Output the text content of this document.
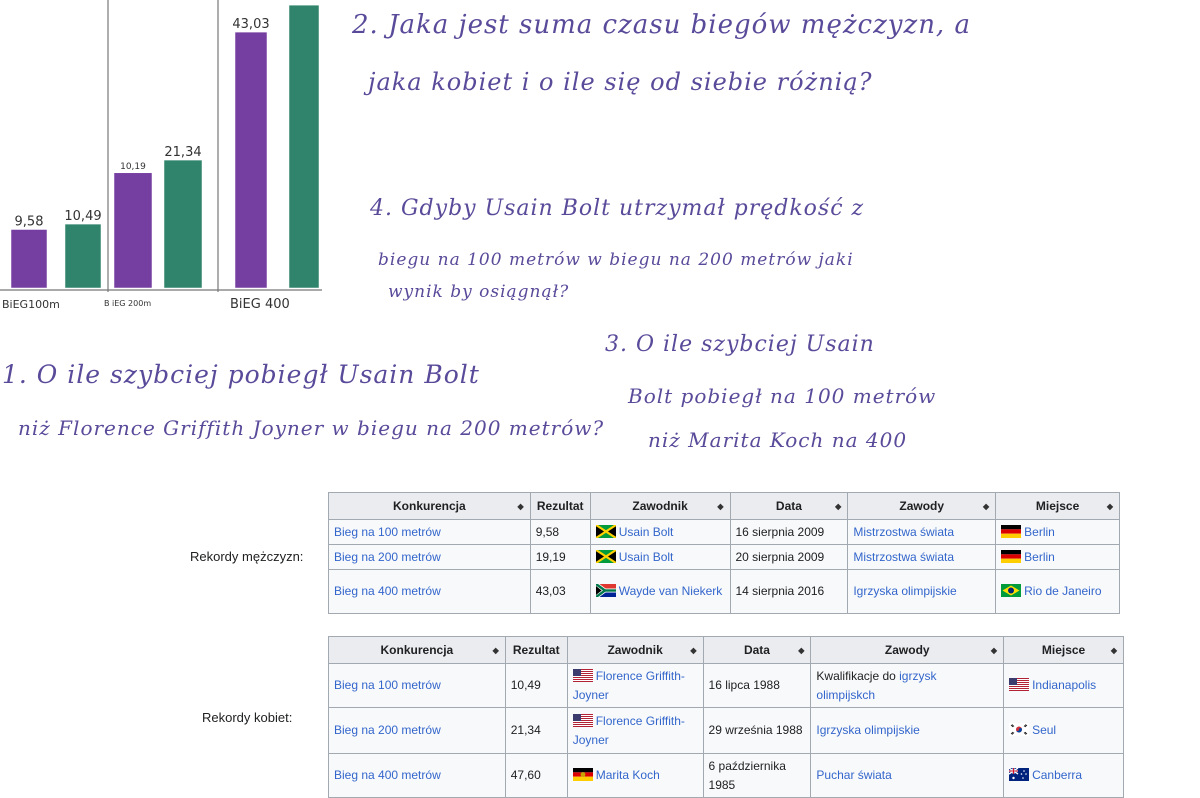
9,58 10,49
10,19
21,34
43,03
BiEG100m	B iEG 200m	BiEG 400
2. Jaka jest suma czasu biegów mężczyzn, a
jaka kobiet i o ile się od siebie różnią?
4. Gdyby Usain Bolt utrzymał prędkość z
biegu na 100 metrów w biegu na 200 metrów jaki
wynik by osiągnął?
3. O ile szybciej Usain
Bolt pobiegł na 100 metrów
niż Marita Koch na 400
1. O ile szybciej pobiegł Usain Bolt
niż Florence Griffith Joyner w biegu na 200 metrów?
Rekordy mężczyzn:
Konkurencja ◆	Rezultat	Zawodnik ◆	Data ◆	Zawody ◆	Miejsce ◆

Bieg na 100 metrów	9,58	Usain Bolt	16 sierpnia 2009	Mistrzostwa świata	Berlin
Bieg na 200 metrów	19,19	Usain Bolt	20 sierpnia 2009	Mistrzostwa świata	Berlin
Bieg na 400 metrów	43,03	Wayde van Niekerk	14 sierpnia 2016	Igrzyska olimpijskie	Rio de Janeiro
Rekordy kobiet:
Konkurencja ◆	Rezultat	Zawodnik ◆	Data ◆	Zawody ◆	Miejsce ◆

Bieg na 100 metrów	10,49	Florence Griffith-Joyner	16 lipca 1988	Kwalifikacje do igrzysk olimpijskch	Indianapolis
Bieg na 200 metrów	21,34	Florence Griffith-Joyner	29 września 1988	Igrzyska olimpijskie	Seul
Bieg na 400 metrów	47,60	Marita Koch	6 października 1985	Puchar świata	Canberra
